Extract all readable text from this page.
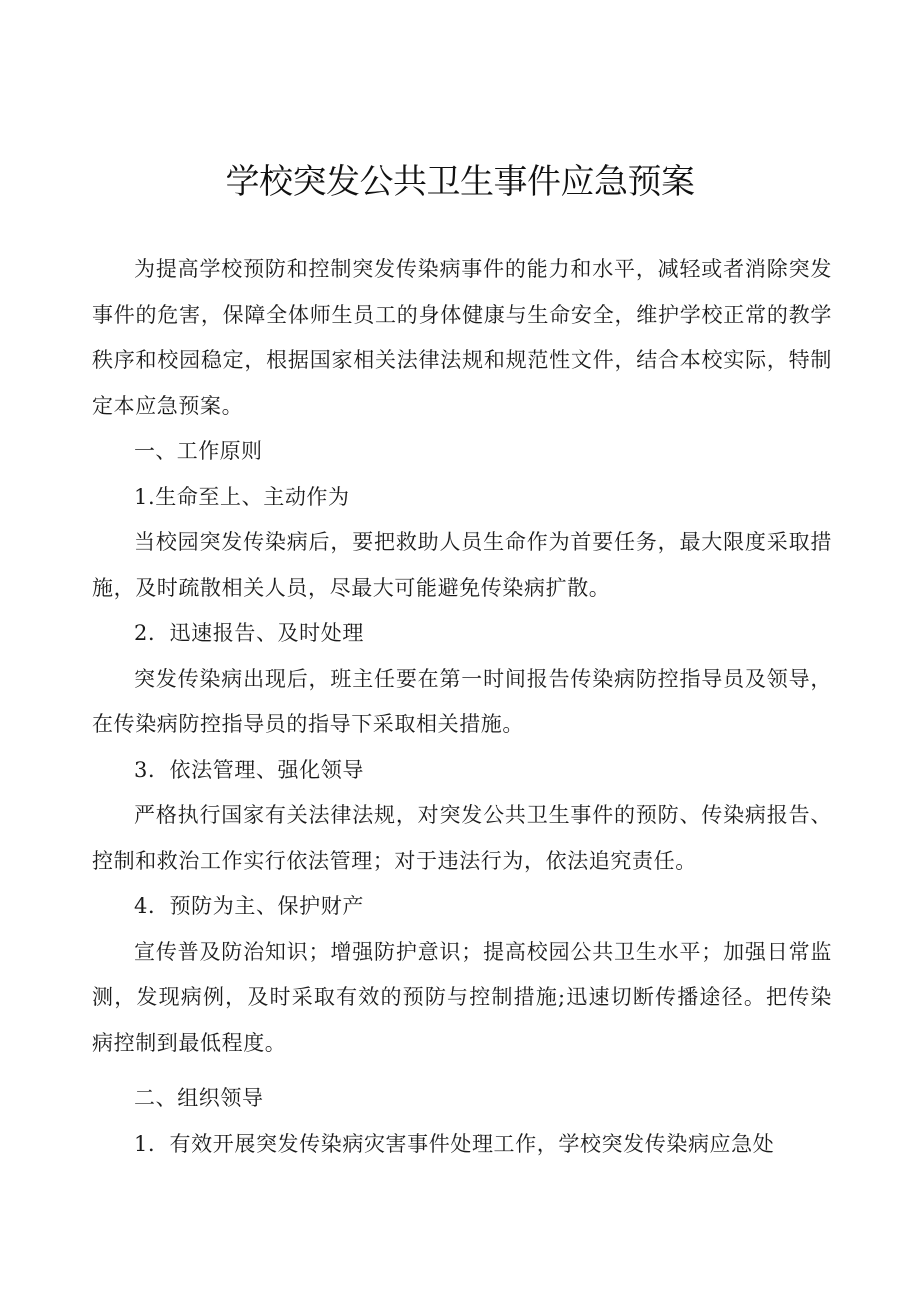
学校突发公共卫生事件应急预案

为提高学校预防和控制突发传染病事件的能力和水平，减轻或者消除突发事件的危害，保障全体师生员工的身体健康与生命安全，维护学校正常的教学秩序和校园稳定，根据国家相关法律法规和规范性文件，结合本校实际，特制定本应急预案。

一、工作原则

1.生命至上、主动作为

当校园突发传染病后，要把救助人员生命作为首要任务，最大限度采取措施，及时疏散相关人员，尽最大可能避免传染病扩散。

2．迅速报告、及时处理

突发传染病出现后，班主任要在第一时间报告传染病防控指导员及领导，在传染病防控指导员的指导下采取相关措施。

3．依法管理、强化领导

严格执行国家有关法律法规，对突发公共卫生事件的预防、传染病报告、控制和救治工作实行依法管理；对于违法行为，依法追究责任。

4．预防为主、保护财产

宣传普及防治知识；增强防护意识；提高校园公共卫生水平；加强日常监测，发现病例，及时采取有效的预防与控制措施;迅速切断传播途径。把传染病控制到最低程度。

二、组织领导

1．有效开展突发传染病灾害事件处理工作，学校突发传染病应急处
